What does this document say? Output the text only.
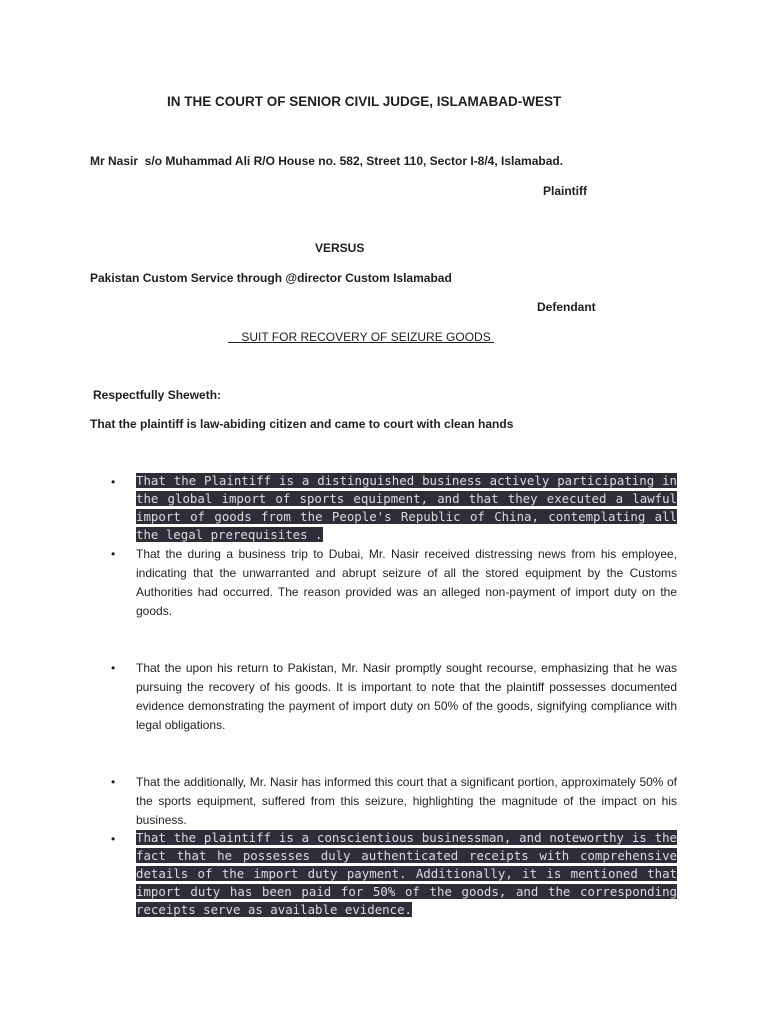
IN THE COURT OF SENIOR CIVIL JUDGE, ISLAMABAD-WEST
Mr Nasir  s/o Muhammad Ali R/O House no. 582, Street 110, Sector I-8/4, Islamabad.
Plaintiff
VERSUS
Pakistan Custom Service through @director Custom Islamabad
Defendant
SUIT FOR RECOVERY OF SEIZURE GOODS
Respectfully Sheweth:
That the plaintiff is law-abiding citizen and came to court with clean hands
• That the Plaintiff is a distinguished business actively participating in the global import of sports equipment, and that they executed a lawful import of goods from the People's Republic of China, contemplating all the legal prerequisites .
• That the during a business trip to Dubai, Mr. Nasir received distressing news from his employee, indicating that the unwarranted and abrupt seizure of all the stored equipment by the Customs Authorities had occurred. The reason provided was an alleged non-payment of import duty on the goods.
• That the upon his return to Pakistan, Mr. Nasir promptly sought recourse, emphasizing that he was pursuing the recovery of his goods. It is important to note that the plaintiff possesses documented evidence demonstrating the payment of import duty on 50% of the goods, signifying compliance with legal obligations.
• That the additionally, Mr. Nasir has informed this court that a significant portion, approximately 50% of the sports equipment, suffered from this seizure, highlighting the magnitude of the impact on his business.
• That the plaintiff is a conscientious businessman, and noteworthy is the fact that he possesses duly authenticated receipts with comprehensive details of the import duty payment. Additionally, it is mentioned that import duty has been paid for 50% of the goods, and the corresponding receipts serve as available evidence.
